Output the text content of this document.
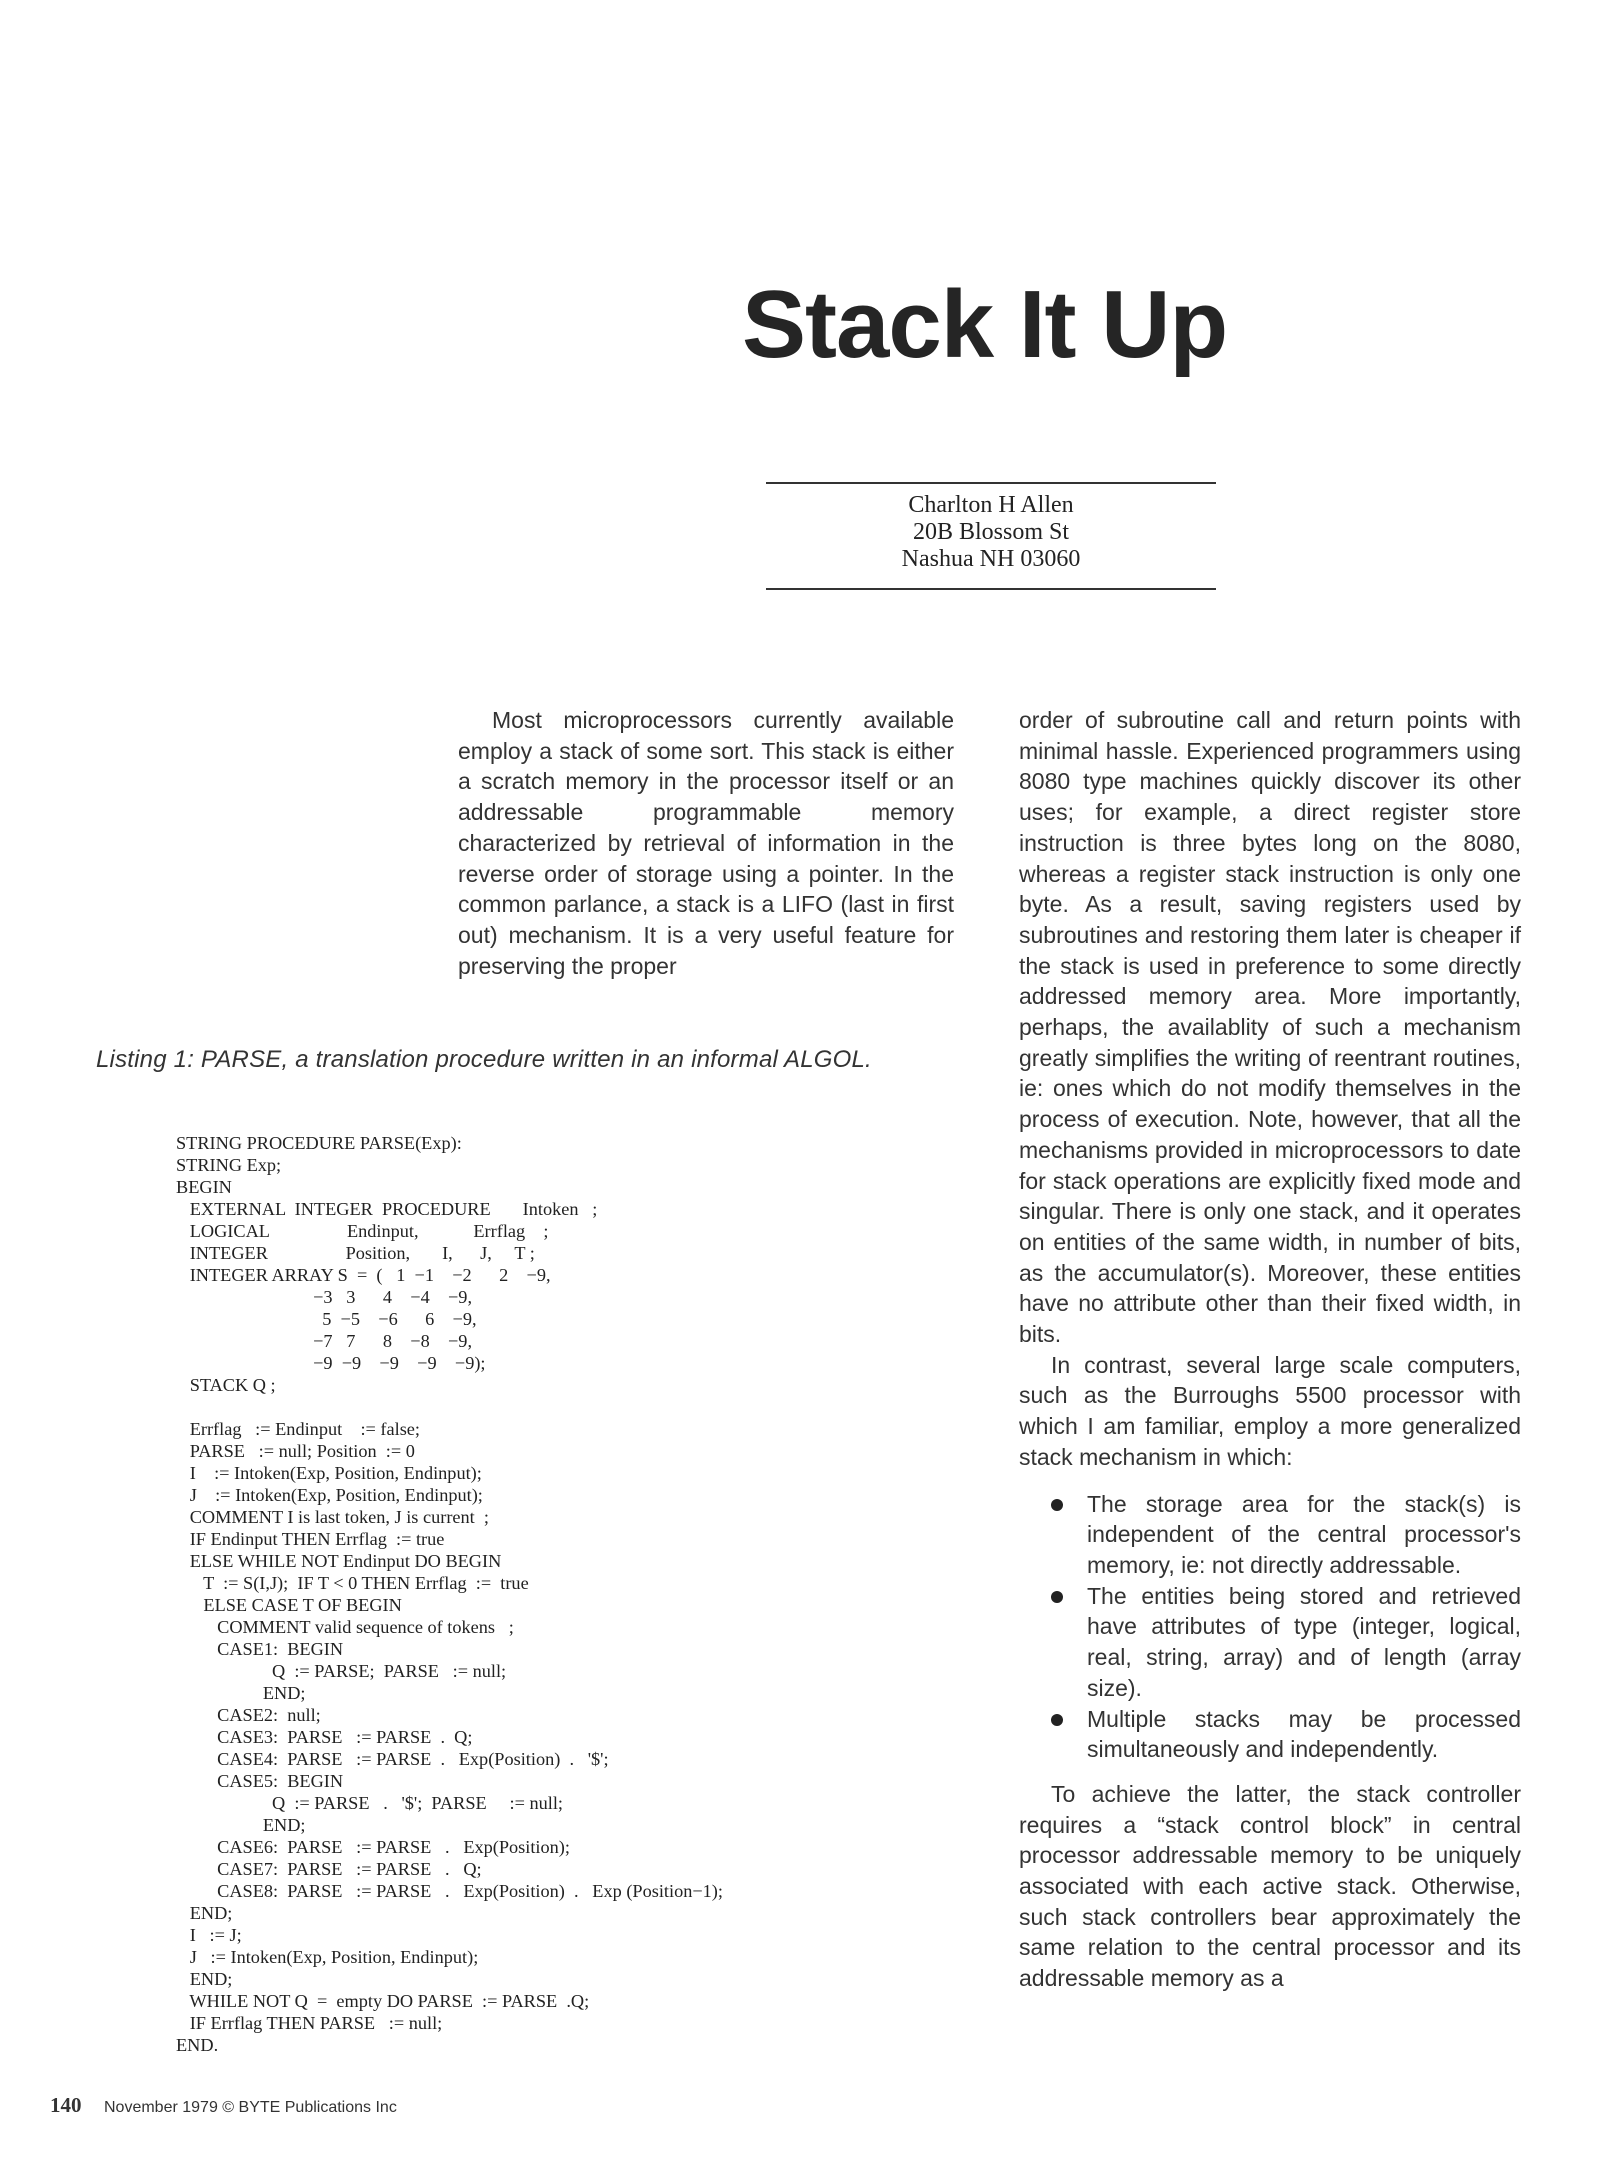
Stack It Up
Charlton H Allen
20B Blossom St
Nashua NH 03060

Most microprocessors currently available employ a stack of some sort. This stack is either a scratch memory in the processor itself or an addressable programmable memory characterized by retrieval of information in the reverse order of storage using a pointer. In the common parlance, a stack is a LIFO (last in first out) mechanism. It is a very useful feature for preserving the proper

Listing 1: PARSE, a translation procedure written in an informal ALGOL.
STRING PROCEDURE PARSE(Exp):
STRING Exp;
BEGIN
EXTERNAL  INTEGER  PROCEDURE       Intoken   ;
LOGICAL                 Endinput,            Errflag    ;
INTEGER                 Position,       I,      J,     T ;
INTEGER ARRAY S  =  (   1  −1    −2      2    −9,
−3   3      4    −4    −9,
5  −5    −6      6    −9,
−7   7      8    −8    −9,
−9  −9    −9    −9    −9);
STACK Q ;

Errflag   := Endinput    := false;
PARSE   := null; Position  := 0
I    := Intoken(Exp, Position, Endinput);
J    := Intoken(Exp, Position, Endinput);
COMMENT I is last token, J is current  ;
IF Endinput THEN Errflag  := true
ELSE WHILE NOT Endinput DO BEGIN
T  := S(I,J);  IF T < 0 THEN Errflag  :=  true
ELSE CASE T OF BEGIN
COMMENT valid sequence of tokens   ;
CASE1:  BEGIN
Q  := PARSE;  PARSE   := null;
END;
CASE2:  null;
CASE3:  PARSE   := PARSE  .  Q;
CASE4:  PARSE   := PARSE  .   Exp(Position)  .   '$';
CASE5:  BEGIN
Q  := PARSE   .   '$';  PARSE     := null;
END;
CASE6:  PARSE   := PARSE   .   Exp(Position);
CASE7:  PARSE   := PARSE   .   Q;
CASE8:  PARSE   := PARSE   .   Exp(Position)  .   Exp (Position−1);
END;
I   := J;
J   := Intoken(Exp, Position, Endinput);
END;
WHILE NOT Q  =  empty DO PARSE  := PARSE  .Q;
IF Errflag THEN PARSE   := null;
END.

order of subroutine call and return points with minimal hassle. Experienced programmers using 8080 type machines quickly discover its other uses; for example, a direct register store instruction is three bytes long on the 8080, whereas a register stack instruction is only one byte. As a result, saving registers used by subroutines and restoring them later is cheaper if the stack is used in preference to some directly addressed memory area. More importantly, perhaps, the availablity of such a mechanism greatly simplifies the writing of reentrant routines, ie: ones which do not modify themselves in the process of execution. Note, however, that all the mechanisms provided in microprocessors to date for stack operations are explicitly fixed mode and singular. There is only one stack, and it operates on entities of the same width, in number of bits, as the accumulator(s). Moreover, these entities have no attribute other than their fixed width, in bits.

In contrast, several large scale computers, such as the Burroughs 5500 processor with which I am familiar, employ a more generalized stack mechanism in which:

The storage area for the stack(s) is independent of the central processor's memory, ie: not directly addressable.
The entities being stored and retrieved have attributes of type (integer, logical, real, string, array) and of length (array size).
Multiple stacks may be processed simultaneously and independently.

To achieve the latter, the stack controller requires a “stack control block” in central processor addressable memory to be uniquely associated with each active stack. Otherwise, such stack controllers bear approximately the same relation to the central processor and its addressable memory as a

140 November 1979 © BYTE Publications Inc
